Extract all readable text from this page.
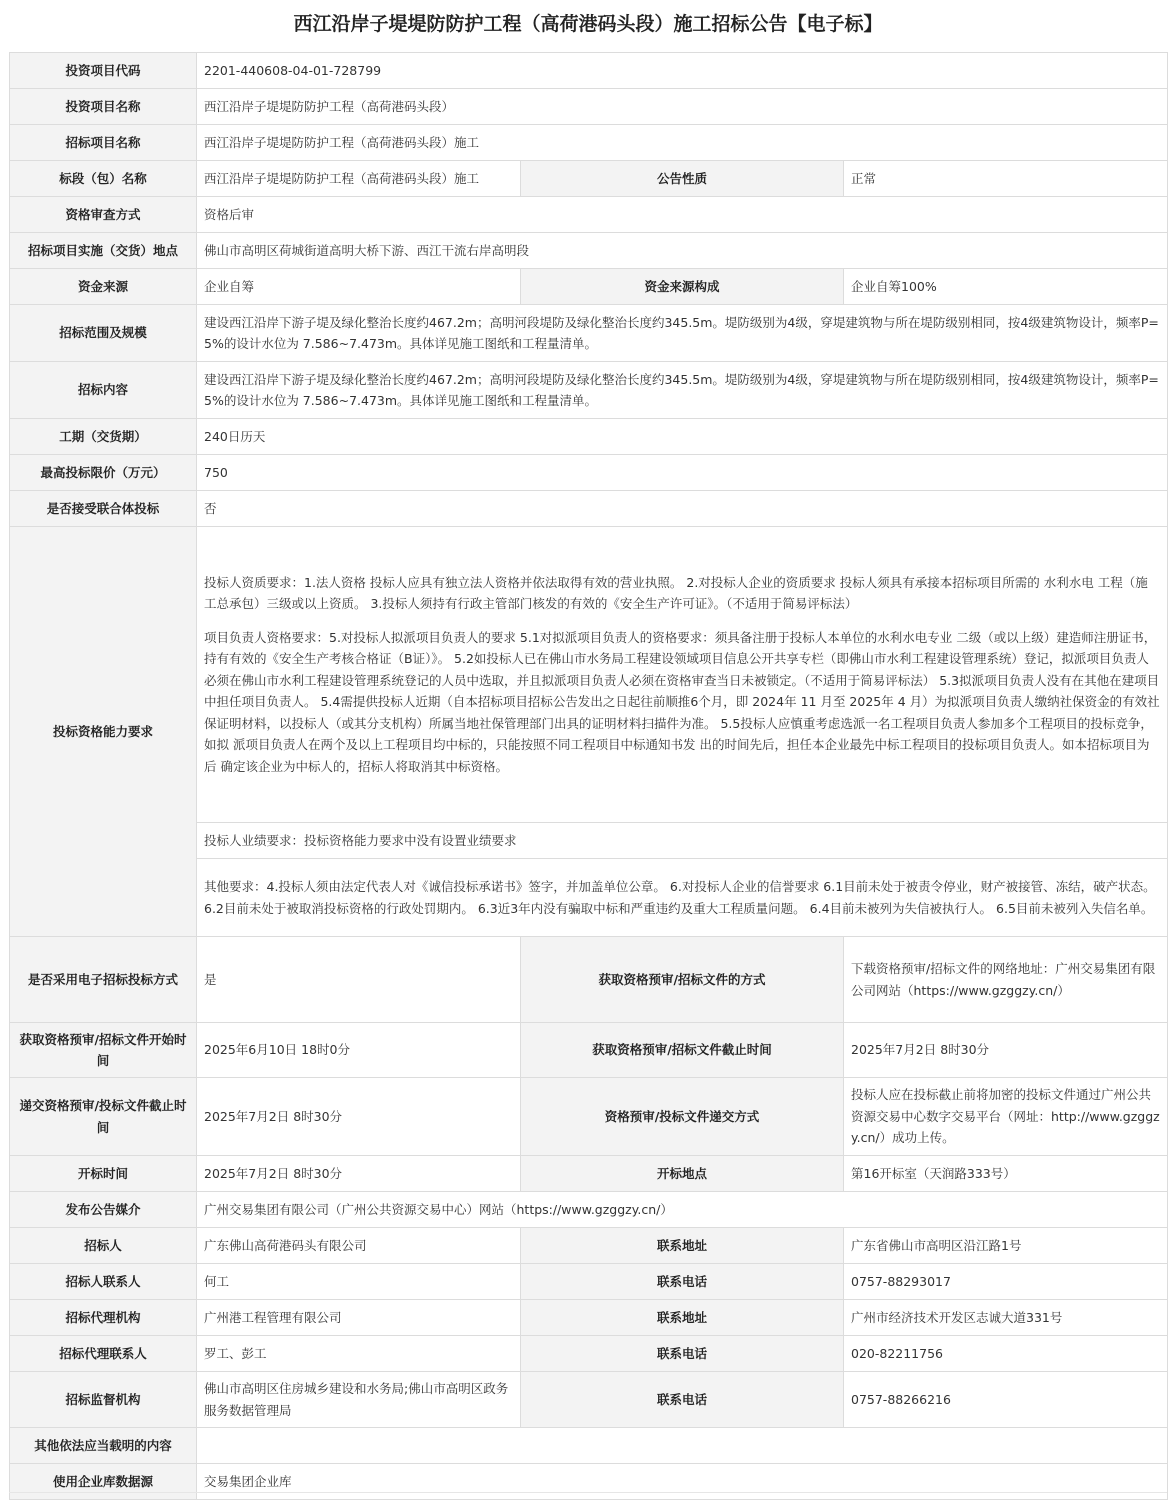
西江沿岸子堤堤防防护工程（高荷港码头段）施工招标公告【电子标】
投资项目代码	2201-440608-04-01-728799		
投资项目名称	西江沿岸子堤堤防防护工程（高荷港码头段）		
招标项目名称	西江沿岸子堤堤防防护工程（高荷港码头段）施工		
标段（包）名称	西江沿岸子堤堤防防护工程（高荷港码头段）施工	公告性质	正常
资格审查方式	资格后审		
招标项目实施（交货）地点	佛山市高明区荷城街道高明大桥下游、西江干流右岸高明段		
资金来源	企业自筹	资金来源构成	企业自筹100%
招标范围及规模	建设西江沿岸下游子堤及绿化整治长度约467.2m；高明河段堤防及绿化整治长度约345.5m。堤防级别为4级，穿堤建筑物与所在堤防级别相同，按4级建筑物设计，频率P=5%的设计水位为 7.586~7.473m。具体详见施工图纸和工程量清单。		
招标内容	建设西江沿岸下游子堤及绿化整治长度约467.2m；高明河段堤防及绿化整治长度约345.5m。堤防级别为4级，穿堤建筑物与所在堤防级别相同，按4级建筑物设计，频率P=5%的设计水位为 7.586~7.473m。具体详见施工图纸和工程量清单。		
工期（交货期）	240日历天		
最高投标限价（万元）	750		
是否接受联合体投标	否		
投标资格能力要求	投标人资质要求：1.法人资格 投标人应具有独立法人资格并依法取得有效的营业执照。 2.对投标人企业的资质要求 投标人须具有承接本招标项目所需的 水利水电 工程（施工总承包）三级或以上资质。 3.投标人须持有行政主管部门核发的有效的《安全生产许可证》。（不适用于简易评标法）
项目负责人资格要求：5.对投标人拟派项目负责人的要求 5.1对拟派项目负责人的资格要求：须具备注册于投标人本单位的水利水电专业 二级（或以上级）建造师注册证书，持有有效的《安全生产考核合格证（B证）》。 5.2如投标人已在佛山市水务局工程建设领域项目信息公开共享专栏（即佛山市水利工程建设管理系统）登记，拟派项目负责人必须在佛山市水利工程建设管理系统登记的人员中选取，并且拟派项目负责人必须在资格审查当日未被锁定。（不适用于简易评标法） 5.3拟派项目负责人没有在其他在建项目中担任项目负责人。 5.4需提供投标人近期（自本招标项目招标公告发出之日起往前顺推6个月，即 2024年 11 月至 2025年 4 月）为拟派项目负责人缴纳社保资金的有效社保证明材料，以投标人（或其分支机构）所属当地社保管理部门出具的证明材料扫描件为准。 5.5投标人应慎重考虑选派一名工程项目负责人参加多个工程项目的投标竞争，如拟 派项目负责人在两个及以上工程项目均中标的，只能按照不同工程项目中标通知书发 出的时间先后，担任本企业最先中标工程项目的投标项目负责人。如本招标项目为后 确定该企业为中标人的，招标人将取消其中标资格。		

	投标人业绩要求：投标资格能力要求中没有设置业绩要求		
	其他要求：4.投标人须由法定代表人对《诚信投标承诺书》签字，并加盖单位公章。 6.对投标人企业的信誉要求 6.1目前未处于被责令停业，财产被接管、冻结，破产状态。 6.2目前未处于被取消投标资格的行政处罚期内。 6.3近3年内没有骗取中标和严重违约及重大工程质量问题。 6.4目前未被列为失信被执行人。 6.5目前未被列入失信名单。		
是否采用电子招标投标方式	是	获取资格预审/招标文件的方式	下载资格预审/招标文件的网络地址：广州交易集团有限公司网站（https://www.gzggzy.cn/）
获取资格预审/招标文件开始时间	2025年6月10日 18时0分	获取资格预审/招标文件截止时间	2025年7月2日 8时30分
递交资格预审/投标文件截止时间	2025年7月2日 8时30分	资格预审/投标文件递交方式	投标人应在投标截止前将加密的投标文件通过广州公共资源交易中心数字交易平台（网址：http://www.gzggzy.cn/）成功上传。
开标时间	2025年7月2日 8时30分	开标地点	第16开标室（天润路333号）
发布公告媒介	广州交易集团有限公司（广州公共资源交易中心）网站（https://www.gzggzy.cn/）		
招标人	广东佛山高荷港码头有限公司	联系地址	广东省佛山市高明区沿江路1号
招标人联系人	何工	联系电话	0757-88293017
招标代理机构	广州港工程管理有限公司	联系地址	广州市经济技术开发区志诚大道331号
招标代理联系人	罗工、彭工	联系电话	020-82211756
招标监督机构	佛山市高明区住房城乡建设和水务局;佛山市高明区政务服务数据管理局	联系电话	0757-88266216
其他依法应当载明的内容			
使用企业库数据源	交易集团企业库		
